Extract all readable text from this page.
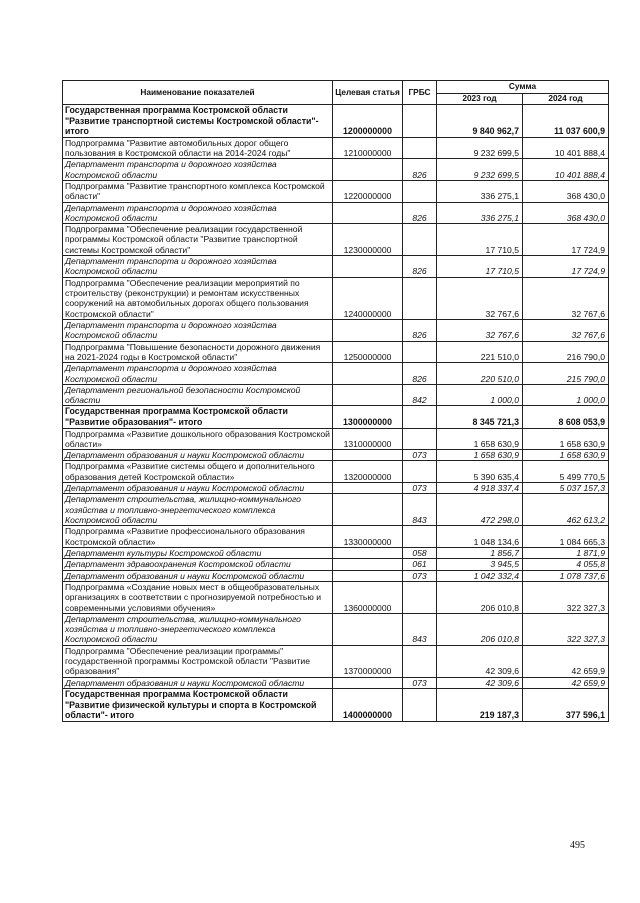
Наименование показателей	Целевая статья	ГРБС	Сумма	
			2023 год	2024 год
Государственная программа Костромской области "Развитие транспортной системы Костромской области"- итого	1200000000		9 840 962,7	11 037 600,9
Подпрограмма "Развитие автомобильных дорог общего пользования в Костромской области на 2014-2024 годы"	1210000000		9 232 699,5	10 401 888,4
Департамент транспорта и дорожного хозяйства Костромской области		826	9 232 699,5	10 401 888,4
Подпрограмма "Развитие транспортного комплекса Костромской области"	1220000000		336 275,1	368 430,0
Департамент транспорта и дорожного хозяйства Костромской области		826	336 275,1	368 430,0
Подпрограмма "Обеспечение реализации государственной программы Костромской области "Развитие транспортной системы Костромской области"	1230000000		17 710,5	17 724,9
Департамент транспорта и дорожного хозяйства Костромской области		826	17 710,5	17 724,9
Подпрограмма "Обеспечение реализации мероприятий по строительству (реконструкции) и ремонтам искусственных сооружений на автомобильных дорогах общего пользования Костромской области"	1240000000		32 767,6	32 767,6
Департамент транспорта и дорожного хозяйства Костромской области		826	32 767,6	32 767,6
Подпрограмма "Повышение безопасности дорожного движения на 2021-2024 годы в Костромской области"	1250000000		221 510,0	216 790,0
Департамент транспорта и дорожного хозяйства Костромской области		826	220 510,0	215 790,0
Департамент региональной безопасности Костромской области		842	1 000,0	1 000,0
Государственная программа Костромской области "Развитие образования"- итого	1300000000		8 345 721,3	8 608 053,9
Подпрограмма «Развитие дошкольного образования Костромской области»	1310000000		1 658 630,9	1 658 630,9
Департамент образования и науки Костромской области		073	1 658 630,9	1 658 630,9
Подпрограмма «Развитие системы общего и дополнительного образования детей Костромской области»	1320000000		5 390 635,4	5 499 770,5
Департамент образования и науки Костромской области		073	4 918 337,4	5 037 157,3
Департамент строительства, жилищно-коммунального хозяйства и топливно-энергетического комплекса Костромской области		843	472 298,0	462 613,2
Подпрограмма «Развитие профессионального образования Костромской области»	1330000000		1 048 134,6	1 084 665,3
Департамент культуры Костромской области		058	1 856,7	1 871,9
Департамент здравоохранения Костромской области		061	3 945,5	4 055,8
Департамент образования и науки Костромской области		073	1 042 332,4	1 078 737,6
Подпрограмма «Создание новых мест в общеобразовательных организациях в соответствии с прогнозируемой потребностью и современными условиями обучения»	1360000000		206 010,8	322 327,3
Департамент строительства, жилищно-коммунального хозяйства и топливно-энергетического комплекса Костромской области		843	206 010,8	322 327,3
Подпрограмма "Обеспечение реализации программы" государственной программы Костромской области "Развитие образования"	1370000000		42 309,6	42 659,9
Департамент образования и науки Костромской области		073	42 309,6	42 659,9
Государственная программа Костромской области "Развитие физической культуры и спорта в Костромской области"- итого	1400000000		219 187,3	377 596,1
495
